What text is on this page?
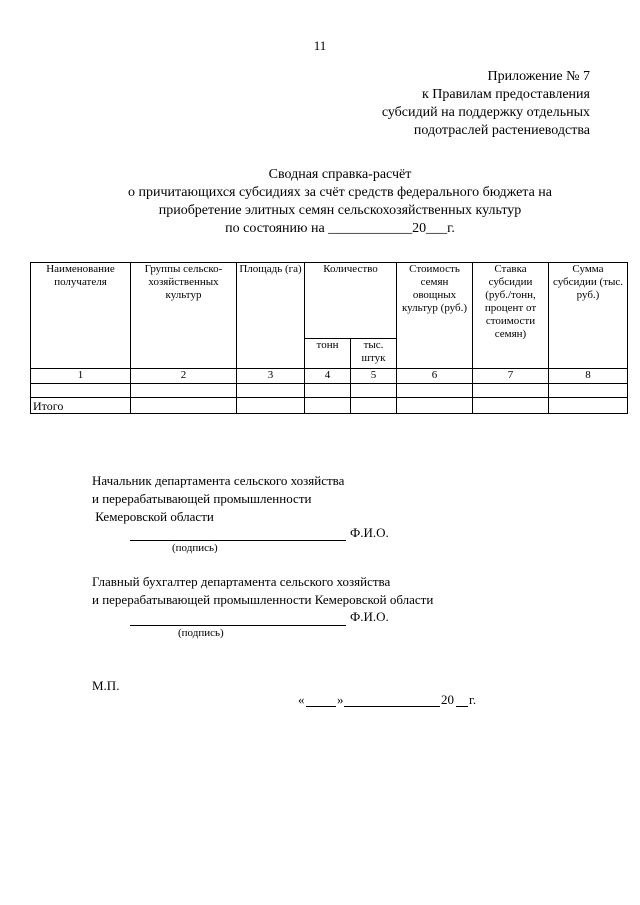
11
Приложение № 7
к Правилам предоставления
субсидий на поддержку отдельных
подотраслей растениеводства
Сводная справка-расчёт
о причитающихся субсидиях за счёт средств федерального бюджета на
приобретение элитных семян сельскохозяйственных культур
по состоянию на ____________20___г.
Наименование получателя	Группы сельско-хозяйственных культур	Площадь (га)	Количество		Стоимость семян овощных культур (руб.)	Ставка субсидии (руб./тонн, процент от стоимости семян)	Сумма субсидии (тыс. руб.)
			тонн	тыс. штук			
1	2	3	4	5	6	7	8

Итого							
Начальник департамента сельского хозяйства
и перерабатывающей промышленности
Кемеровской области
Ф.И.О.
(подпись)
Главный бухгалтер департамента сельского хозяйства
и перерабатывающей промышленности Кемеровской области
Ф.И.О.
(подпись)
М.П.
«	»	20 г.
